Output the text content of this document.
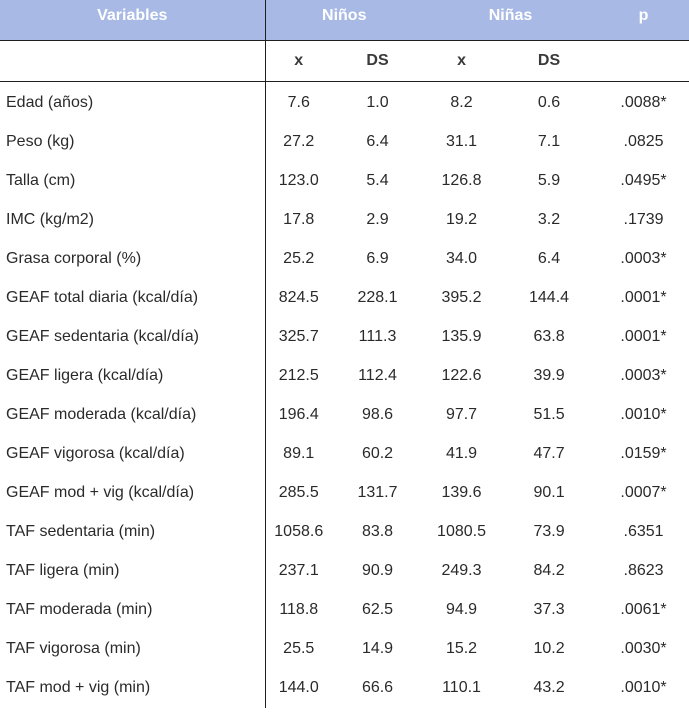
Variables	Niños		Niñas		p
	x	DS	x	DS	
Edad (años)	7.6	1.0	8.2	0.6	.0088*
Peso (kg)	27.2	6.4	31.1	7.1	.0825
Talla (cm)	123.0	5.4	126.8	5.9	.0495*
IMC (kg/m2)	17.8	2.9	19.2	3.2	.1739
Grasa corporal (%)	25.2	6.9	34.0	6.4	.0003*
GEAF total diaria (kcal/día)	824.5	228.1	395.2	144.4	.0001*
GEAF sedentaria (kcal/día)	325.7	111.3	135.9	63.8	.0001*
GEAF ligera (kcal/día)	212.5	112.4	122.6	39.9	.0003*
GEAF moderada (kcal/día)	196.4	98.6	97.7	51.5	.0010*
GEAF vigorosa (kcal/día)	89.1	60.2	41.9	47.7	.0159*
GEAF mod + vig (kcal/día)	285.5	131.7	139.6	90.1	.0007*
TAF sedentaria (min)	1058.6	83.8	1080.5	73.9	.6351
TAF ligera (min)	237.1	90.9	249.3	84.2	.8623
TAF moderada (min)	118.8	62.5	94.9	37.3	.0061*
TAF vigorosa (min)	25.5	14.9	15.2	10.2	.0030*
TAF mod + vig (min)	144.0	66.6	110.1	43.2	.0010*
